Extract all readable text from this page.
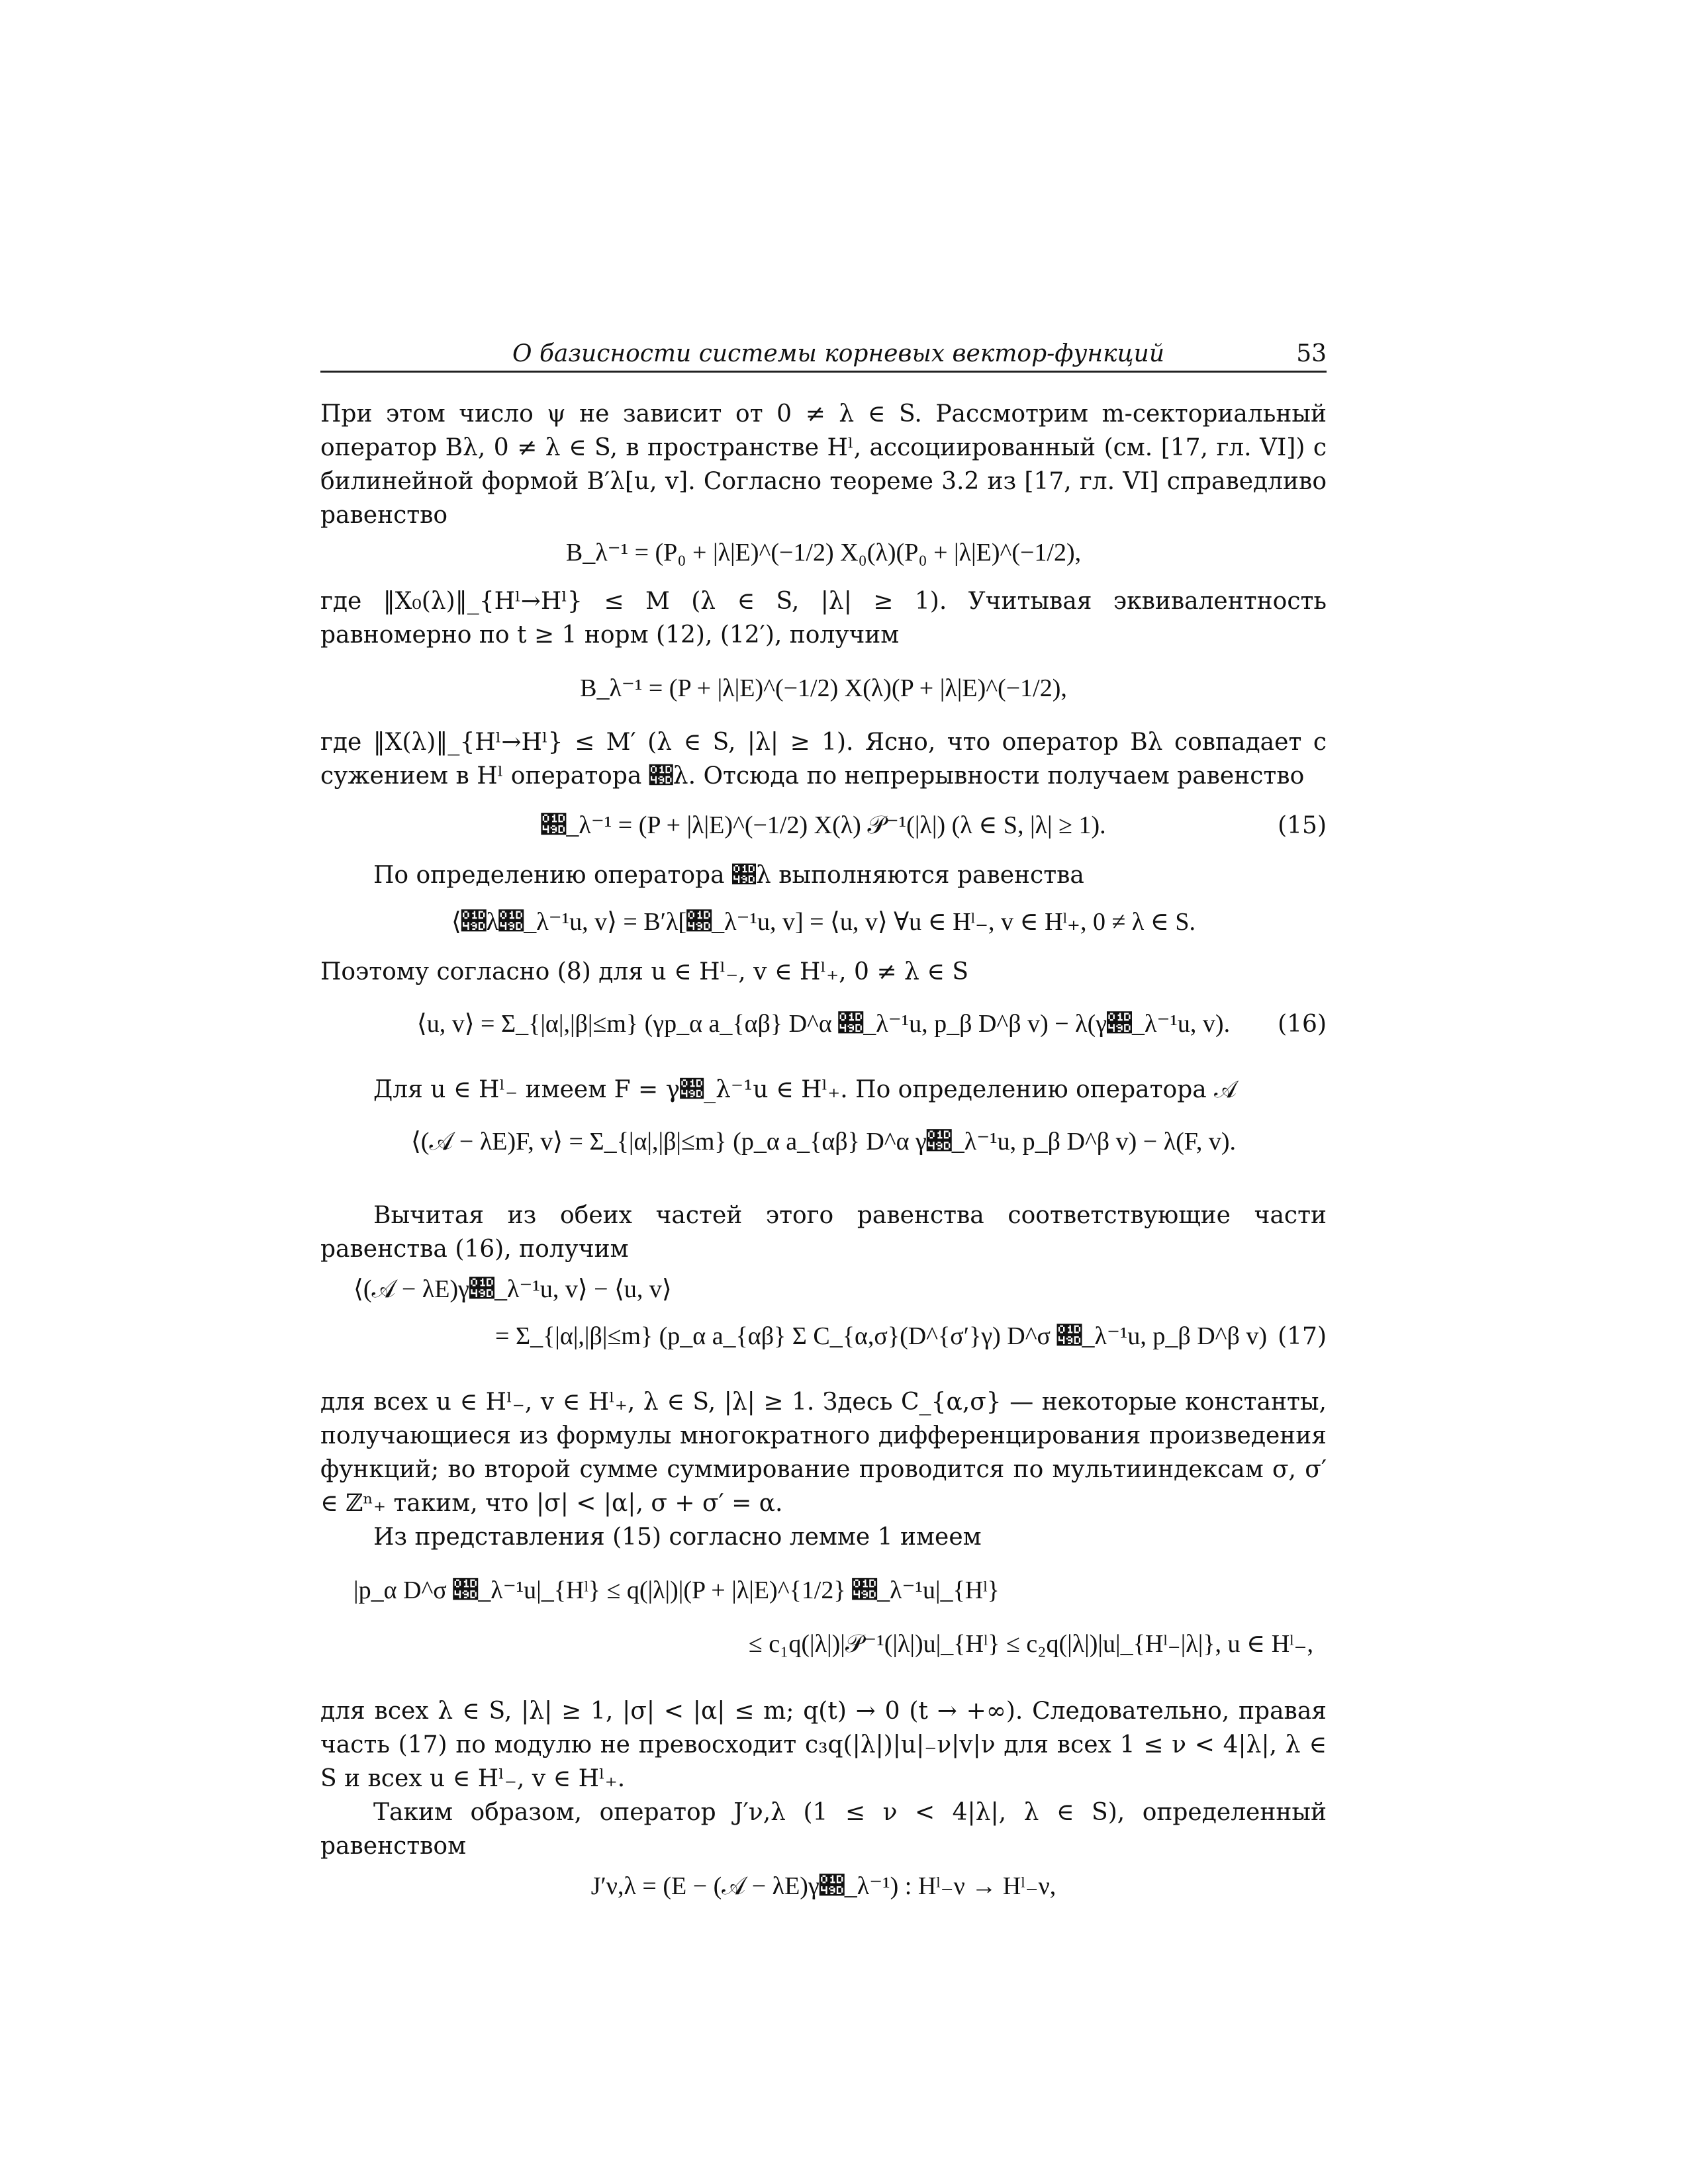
О базисности системы корневых вектор-функций	53

При этом число ψ не зависит от 0 ≠ λ ∈ S. Рассмотрим m-секториальный оператор Bλ, 0 ≠ λ ∈ S, в пространстве Hˡ, ассоциированный (см. [17, гл. VI]) с билинейной формой B′λ[u, v]. Согласно теореме 3.2 из [17, гл. VI] справедливо равенство

B_λ⁻¹ = (P₀ + |λ|E)^(−1/2) X₀(λ)(P₀ + |λ|E)^(−1/2),

где ‖X₀(λ)‖_{Hˡ→Hˡ} ≤ M (λ ∈ S, |λ| ≥ 1). Учитывая эквивалентность равномерно по t ≥ 1 норм (12), (12′), получим

B_λ⁻¹ = (P + |λ|E)^(−1/2) X(λ)(P + |λ|E)^(−1/2),

где ‖X(λ)‖_{Hˡ→Hˡ} ≤ M′ (λ ∈ S, |λ| ≥ 1). Ясно, что оператор Bλ совпадает с сужением в Hˡ оператора 𝒝λ. Отсюда по непрерывности получаем равенство

𝒝_λ⁻¹ = (P + |λ|E)^(−1/2) X(λ) 𝒫⁻¹(|λ|) (λ ∈ S, |λ| ≥ 1).	(15)

По определению оператора 𝒝λ выполняются равенства

⟨𝒝λ𝒝_λ⁻¹u, v⟩ = B′λ[𝒝_λ⁻¹u, v] = ⟨u, v⟩ ∀u ∈ Hˡ₋, v ∈ Hˡ₊, 0 ≠ λ ∈ S.

Поэтому согласно (8) для u ∈ Hˡ₋, v ∈ Hˡ₊, 0 ≠ λ ∈ S

⟨u, v⟩ = Σ_{|α|,|β|≤m} (γp_α a_{αβ} D^α 𝒝_λ⁻¹u, p_β D^β v) − λ(γ𝒝_λ⁻¹u, v). (16)

Для u ∈ Hˡ₋ имеем F = γ𝒝_λ⁻¹u ∈ Hˡ₊. По определению оператора 𝒜

⟨(𝒜 − λE)F, v⟩ = Σ_{|α|,|β|≤m} (p_α a_{αβ} D^α γ𝒝_λ⁻¹u, p_β D^β v) − λ(F, v).

Вычитая из обеих частей этого равенства соответствующие части равенства (16), получим

⟨(𝒜 − λE)γ𝒝_λ⁻¹u, v⟩ − ⟨u, v⟩
= Σ_{|α|,|β|≤m} (p_α a_{αβ} Σ C_{α,σ}(D^{σ′}γ) D^σ 𝒝_λ⁻¹u, p_β D^β v) (17)

для всех u ∈ Hˡ₋, v ∈ Hˡ₊, λ ∈ S, |λ| ≥ 1. Здесь C_{α,σ} — некоторые константы, получающиеся из формулы многократного дифференцирования произведения функций; во второй сумме суммирование проводится по мультииндексам σ, σ′ ∈ ℤⁿ₊ таким, что |σ| < |α|, σ + σ′ = α.

Из представления (15) согласно лемме 1 имеем

|p_α D^σ 𝒝_λ⁻¹u|_{Hˡ} ≤ q(|λ|)|(P + |λ|E)^{1/2} 𝒝_λ⁻¹u|_{Hˡ}
≤ c₁q(|λ|)|𝒫⁻¹(|λ|)u|_{Hˡ} ≤ c₂q(|λ|)|u|_{Hˡ₋|λ|}, u ∈ Hˡ₋,

для всех λ ∈ S, |λ| ≥ 1, |σ| < |α| ≤ m; q(t) → 0 (t → +∞). Следовательно, правая часть (17) по модулю не превосходит c₃q(|λ|)|u|₋ν|v|ν для всех 1 ≤ ν < 4|λ|, λ ∈ S и всех u ∈ Hˡ₋, v ∈ Hˡ₊.

Таким образом, оператор J′ν,λ (1 ≤ ν < 4|λ|, λ ∈ S), определенный равенством

J′ν,λ = (E − (𝒜 − λE)γ𝒝_λ⁻¹) : Hˡ₋ν → Hˡ₋ν,
